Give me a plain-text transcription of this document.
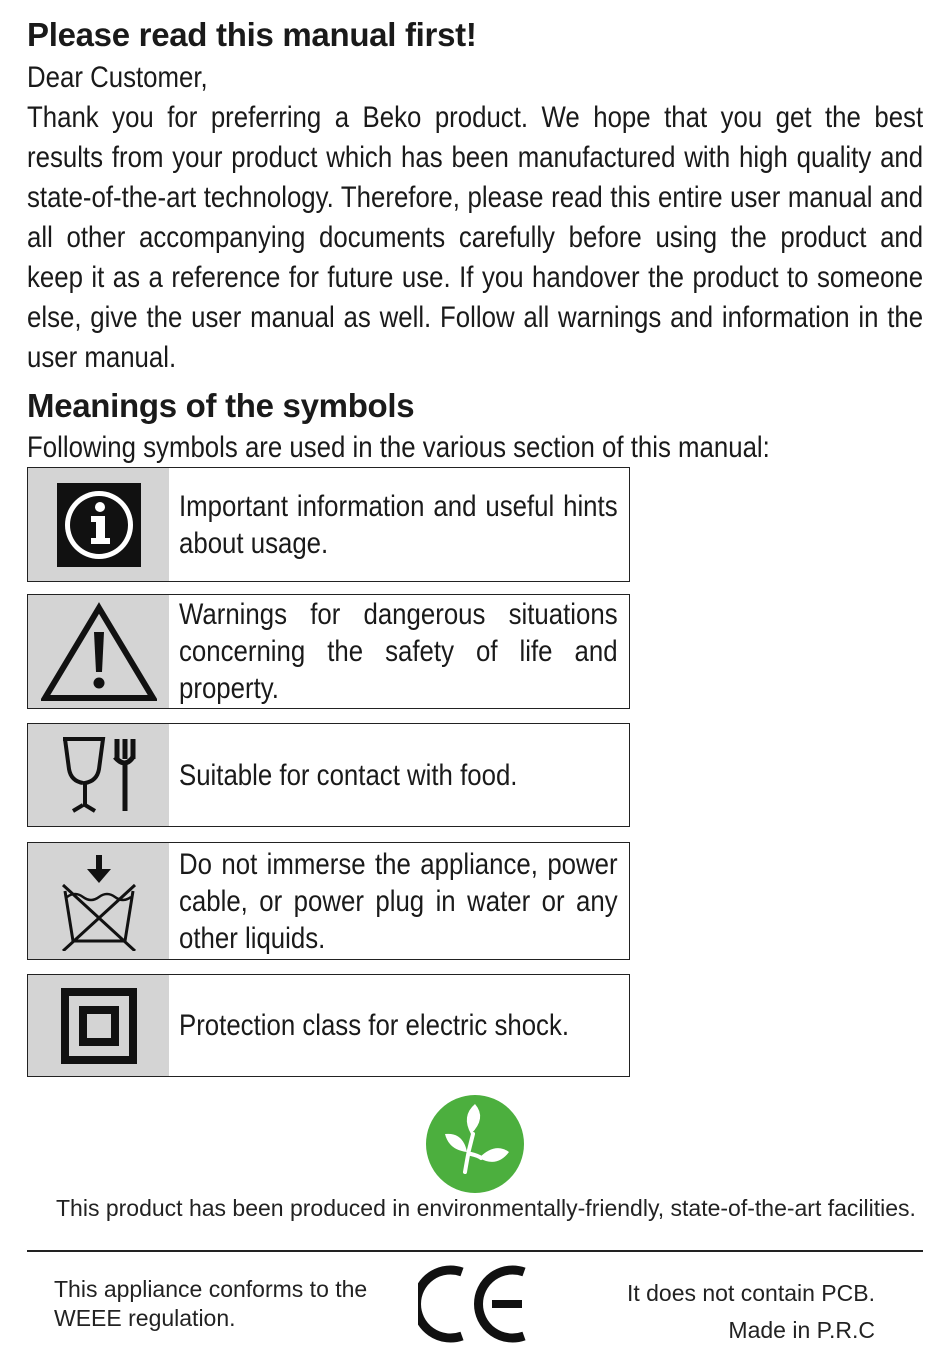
Please read this manual first!
Dear Customer,

Thank you for preferring a Beko product. We hope that you get the best results from your product which has been manufactured with high quality and state-of-the-art technology. Therefore, please read this entire user manual and all other accompanying documents carefully before using the product and keep it as a reference for future use. If you handover the product to someone else, give the user manual as well. Follow all warnings and information in the user manual.

Meanings of the symbols
Following symbols are used in the various section of this manual:
Important information and useful hints about usage.
Warnings for dangerous situations concerning the safety of life and property.
Suitable for contact with food.
Do not immerse the appliance, power cable, or power plug in water or any other liquids.
Protection class for electric shock.
This product has been produced in environmentally-friendly, state-of-the-art facilities.
This appliance conforms to the WEEE regulation.
It does not contain PCB.
Made in P.R.C
